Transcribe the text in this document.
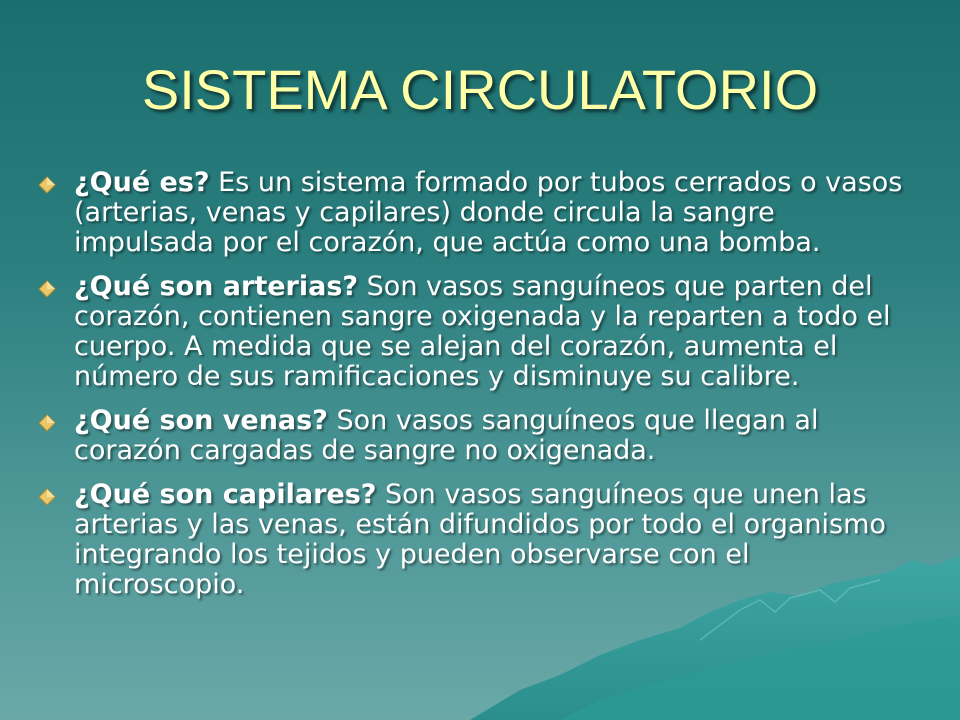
SISTEMA CIRCULATORIO
¿Qué es? Es un sistema formado por tubos cerrados o vasos (arterias, venas y capilares) donde circula la sangre impulsada por el corazón, que actúa como una bomba.
¿Qué son arterias? Son vasos sanguíneos que parten del corazón, contienen sangre oxigenada y la reparten a todo el cuerpo. A medida que se alejan del corazón, aumenta el número de sus ramificaciones y disminuye su calibre.
¿Qué son venas? Son vasos sanguíneos que llegan al corazón cargadas de sangre no oxigenada.
¿Qué son capilares? Son vasos sanguíneos que unen las arterias y las venas, están difundidos por todo el organismo integrando los tejidos y pueden observarse con el microscopio.
